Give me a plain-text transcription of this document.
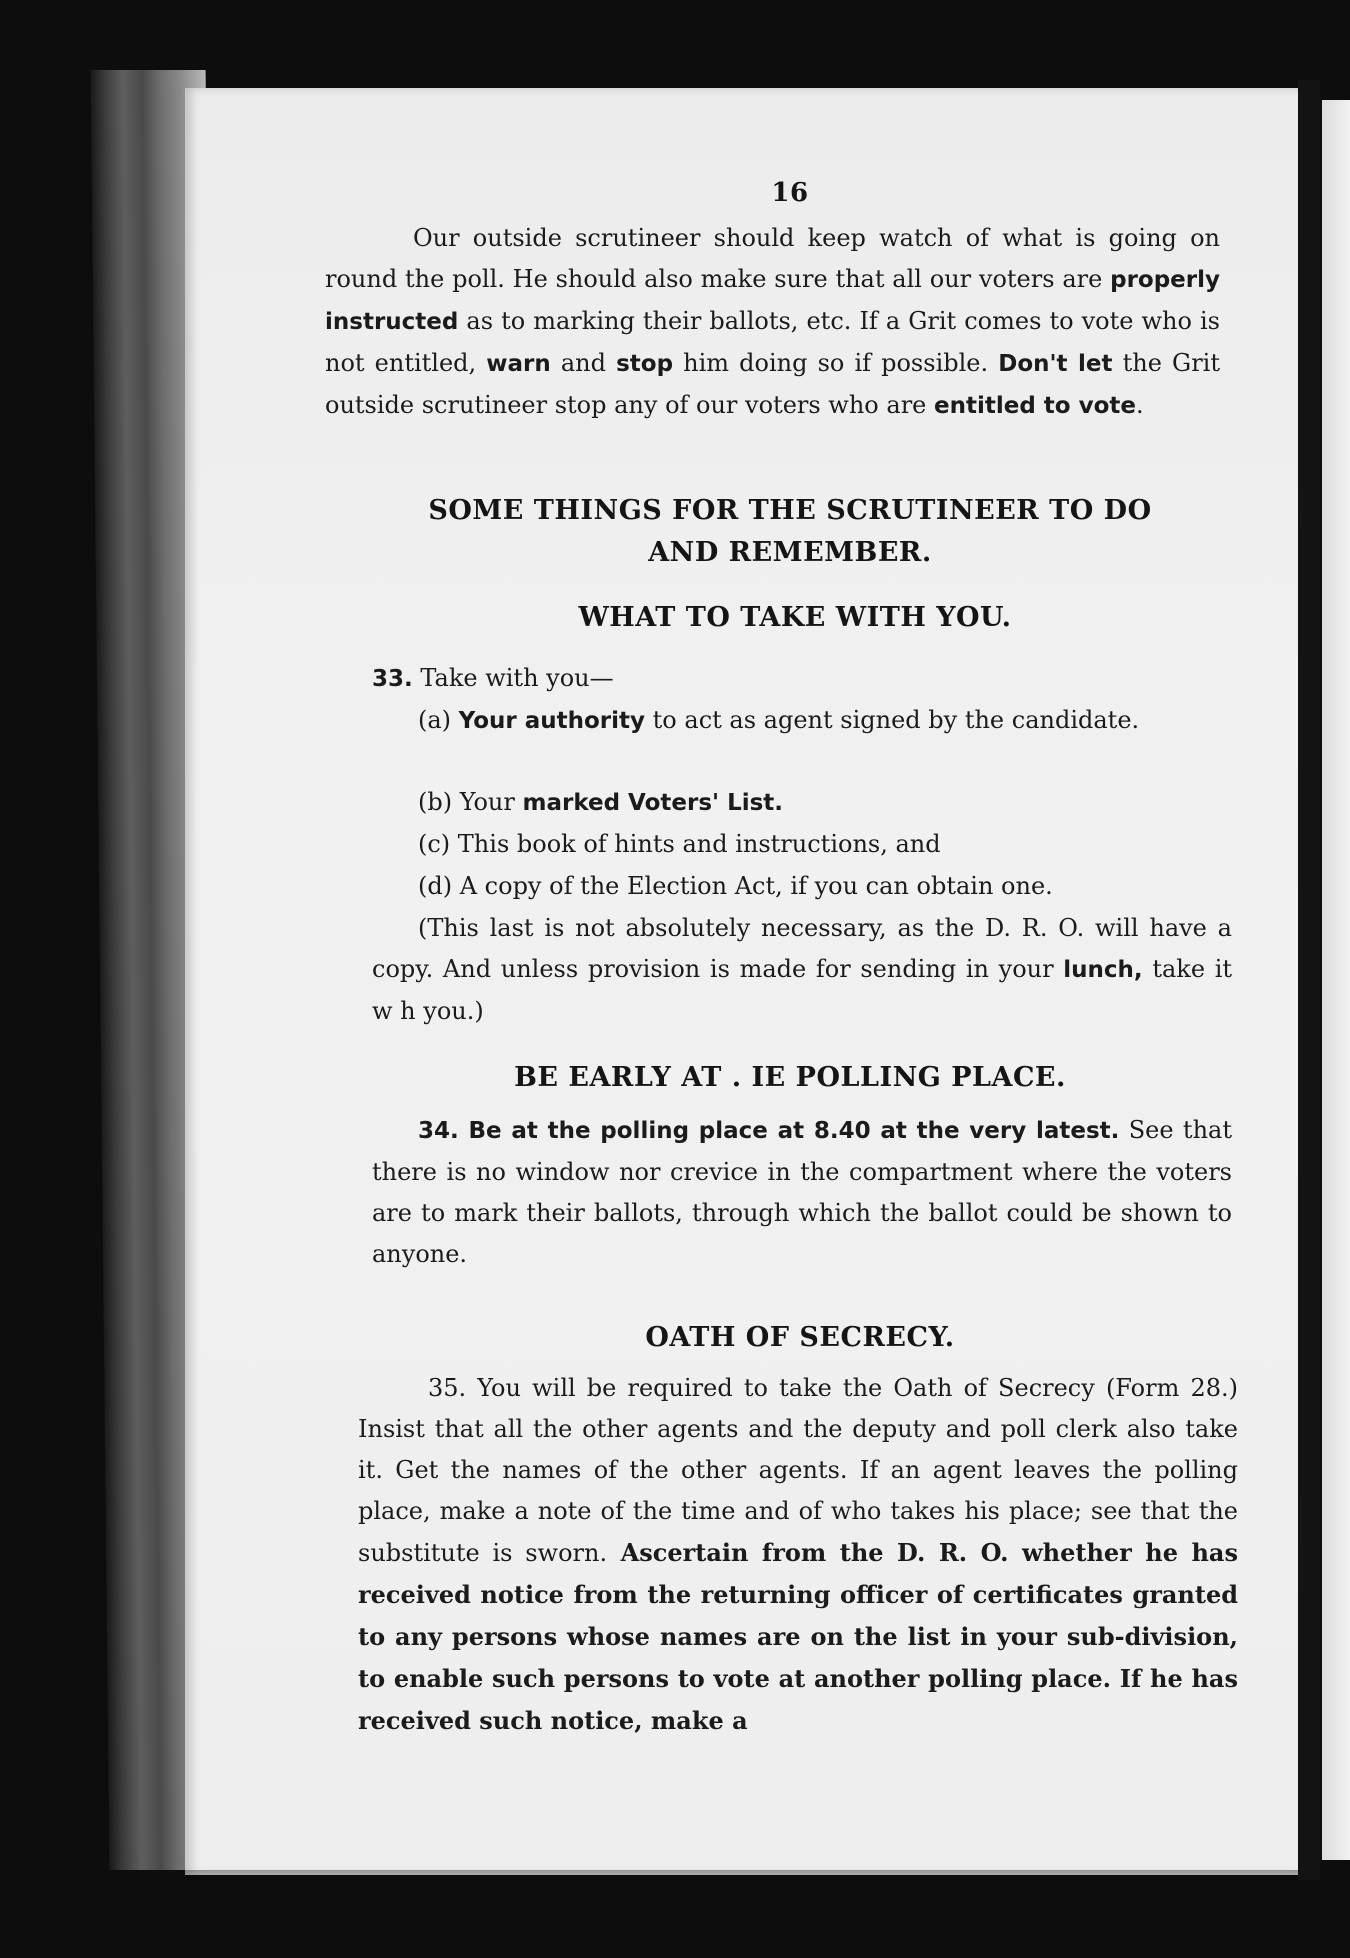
16
Our outside scrutineer should keep watch of what is going on round the poll. He should also make sure that all our voters are properly instructed as to marking their ballots, etc. If a Grit comes to vote who is not entitled, warn and stop him doing so if possible. Don't let the Grit outside scrutineer stop any of our voters who are entitled to vote.
SOME THINGS FOR THE SCRUTINEER TO DO AND REMEMBER.
WHAT TO TAKE WITH YOU.
33. Take with you—
(a) Your authority to act as agent signed by the candidate.
(b) Your marked Voters' List.
(c) This book of hints and instructions, and
(d) A copy of the Election Act, if you can obtain one.
(This last is not absolutely necessary, as the D. R. O. will have a copy. And unless provision is made for sending in your lunch, take it w h you.)
BE EARLY AT . IE POLLING PLACE.
34. Be at the polling place at 8.40 at the very latest. See that there is no window nor crevice in the compartment where the voters are to mark their ballots, through which the ballot could be shown to anyone.
OATH OF SECRECY.
35. You will be required to take the Oath of Secrecy (Form 28.) Insist that all the other agents and the deputy and poll clerk also take it. Get the names of the other agents. If an agent leaves the polling place, make a note of the time and of who takes his place; see that the substitute is sworn. Ascertain from the D. R. O. whether he has received notice from the returning officer of certificates granted to any persons whose names are on the list in your sub-division, to enable such persons to vote at another polling place. If he has received such notice, make a
